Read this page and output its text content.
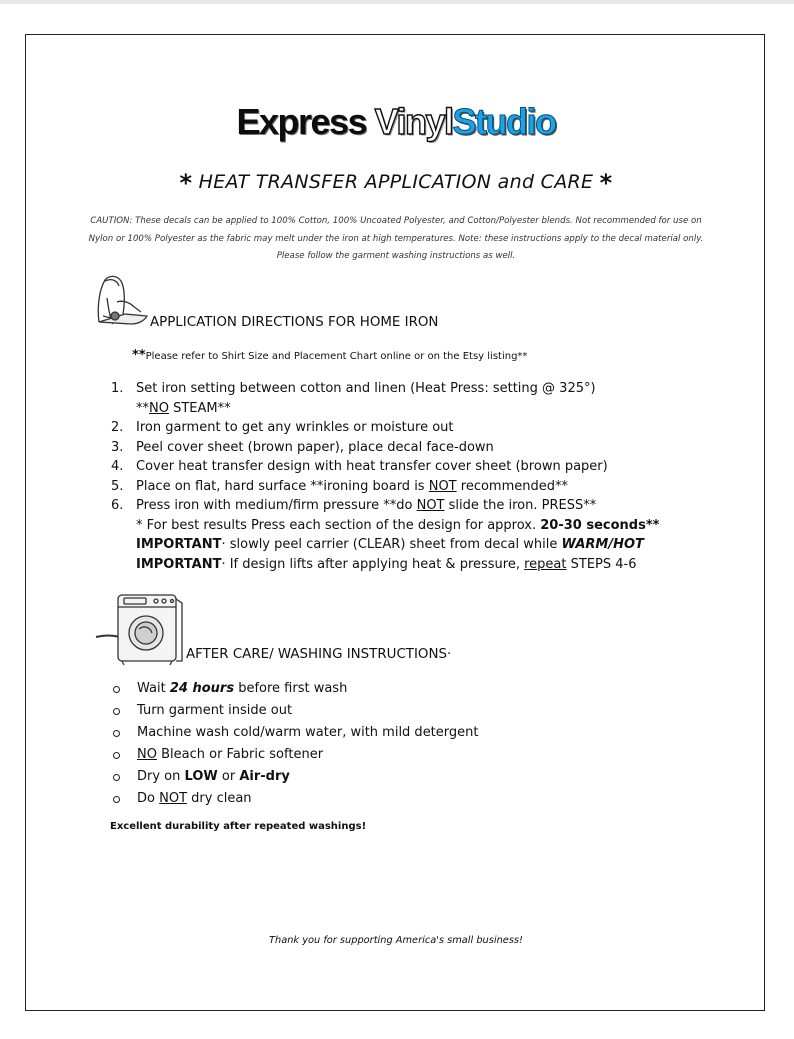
Express VinylStudio
* HEAT TRANSFER APPLICATION and CARE *
CAUTION: These decals can be applied to 100% Cotton, 100% Uncoated Polyester, and Cotton/Polyester blends. Not recommended for use on Nylon or 100% Polyester as the fabric may melt under the iron at high temperatures. Note: these instructions apply to the decal material only. Please follow the garment washing instructions as well.
APPLICATION DIRECTIONS FOR HOME IRON
**Please refer to Shirt Size and Placement Chart online or on the Etsy listing**
1. Set iron setting between cotton and linen (Heat Press: setting @ 325°)
2. Iron garment to get any wrinkles or moisture out
3. Peel cover sheet (brown paper), place decal face-down
4. Cover heat transfer design with heat transfer cover sheet (brown paper)
5. Place on flat, hard surface **ironing board is NOT recommended**
6. Press iron with medium/firm pressure **do NOT slide the iron. PRESS**
**NO STEAM**
* For best results Press each section of the design for approx. 20-30 seconds**
IMPORTANT· slowly peel carrier (CLEAR) sheet from decal while WARM/HOT
IMPORTANT· If design lifts after applying heat & pressure, repeat STEPS 4-6
AFTER CARE/ WASHING INSTRUCTIONS·
Wait 24 hours before first wash
Turn garment inside out
Machine wash cold/warm water, with mild detergent
NO Bleach or Fabric softener
Dry on LOW or Air-dry
Do NOT dry clean
Excellent durability after repeated washings!
Thank you for supporting America's small business!
